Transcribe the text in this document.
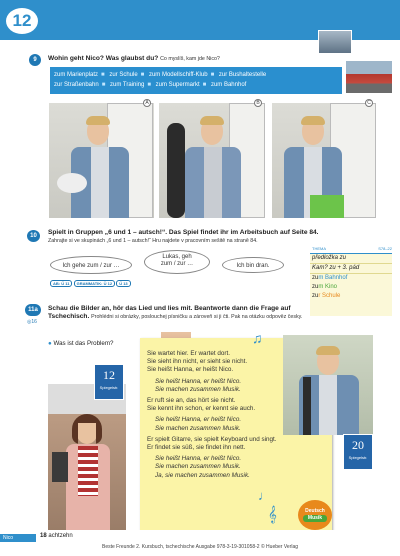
12
9	Wohin geht Nico? Was glaubst du? Co myslíš, kam jde Nico?
zum Marienplatz ■ zur Schule ■ zum Modellschiff-Klub ■ zur Bushaltestelle
zur Straßenbahn ■ zum Training ■ zum Supermarkt ■ zum Bahnhof
A	B	C
10	Spielt in Gruppen „6 und 1 – autsch!“. Das Spiel findet ihr im Arbeitsbuch auf Seite 84.
Zahrajte si ve skupinách „6 und 1 – autsch!“ Hru najdete v pracovním sešitě na straně 84.
Ich gehe zum / zur …
Lukas, geh
zum / zur …	Ich bin dran.
AB: Ü 11 GRAMMATIK: Ü 12 Ü 13
THEMA	S78–22
předložka zu
Kam? zu + 3. pád
zum Bahnhof
zum Kino
zur Schule
11a
◎16
Schau die Bilder an, hör das Lied und lies mit. Beantworte dann die Frage auf Tschechisch. Prohlédni si obrázky, poslouchej písničku a zároveň si ji čti. Pak na otázku odpověz česky.
● Was ist das Problem?
Sie wartet hier. Er wartet dort.
Sie sieht ihn nicht, er sieht sie nicht.
Sie heißt Hanna, er heißt Nico.
Sie heißt Hanna, er heißt Nico.
Sie machen zusammen Musik.
Er ruft sie an, das hört sie nicht.
Sie kennt ihn schon, er kennt sie auch.
Sie heißt Hanna, er heißt Nico.
Sie machen zusammen Musik.
Er spielt Gitarre, sie spielt Keyboard und singt.
Er findet sie süß, sie findet ihn nett.
Sie heißt Hanna, er heißt Nico.
Sie machen zusammen Musik.
Ja, sie machen zusammen Musik.
♫
♩
𝄞
12
Spiegelstr.
20
Spiegelstr.
Deutsch
Musik
Nico	18 achtzehn
Beste Freunde 2. Kursbuch, tschechische Ausgabe 978-3-19-301058-2 © Hueber Verlag
